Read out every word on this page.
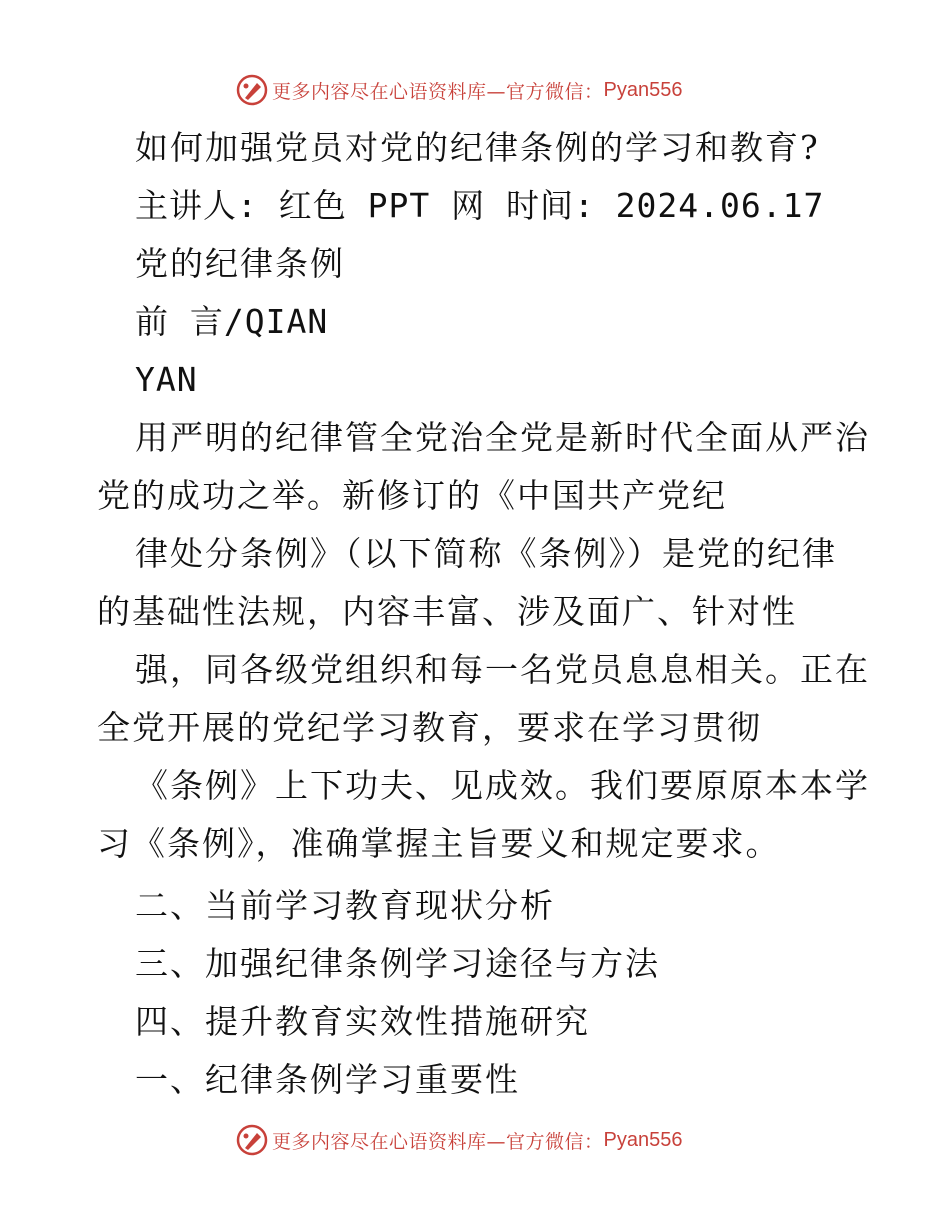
更多内容尽在心语资料库—官方微信： Pyan556
如何加强党员对党的纪律条例的学习和教育?
主讲人: 红色 PPT 网 时间: 2024.06.17
党的纪律条例
前 言/QIAN
YAN
用严明的纪律管全党治全党是新时代全面从严治
党的成功之举。新修订的《中国共产党纪
律处分条例》（以下简称《条例》）是党的纪律
的基础性法规，内容丰富、涉及面广、针对性
强，同各级党组织和每一名党员息息相关。正在
全党开展的党纪学习教育，要求在学习贯彻
《条例》上下功夫、见成效。我们要原原本本学
习《条例》，准确掌握主旨要义和规定要求。
二、当前学习教育现状分析
三、加强纪律条例学习途径与方法
四、提升教育实效性措施研究
一、纪律条例学习重要性
更多内容尽在心语资料库—官方微信： Pyan556
